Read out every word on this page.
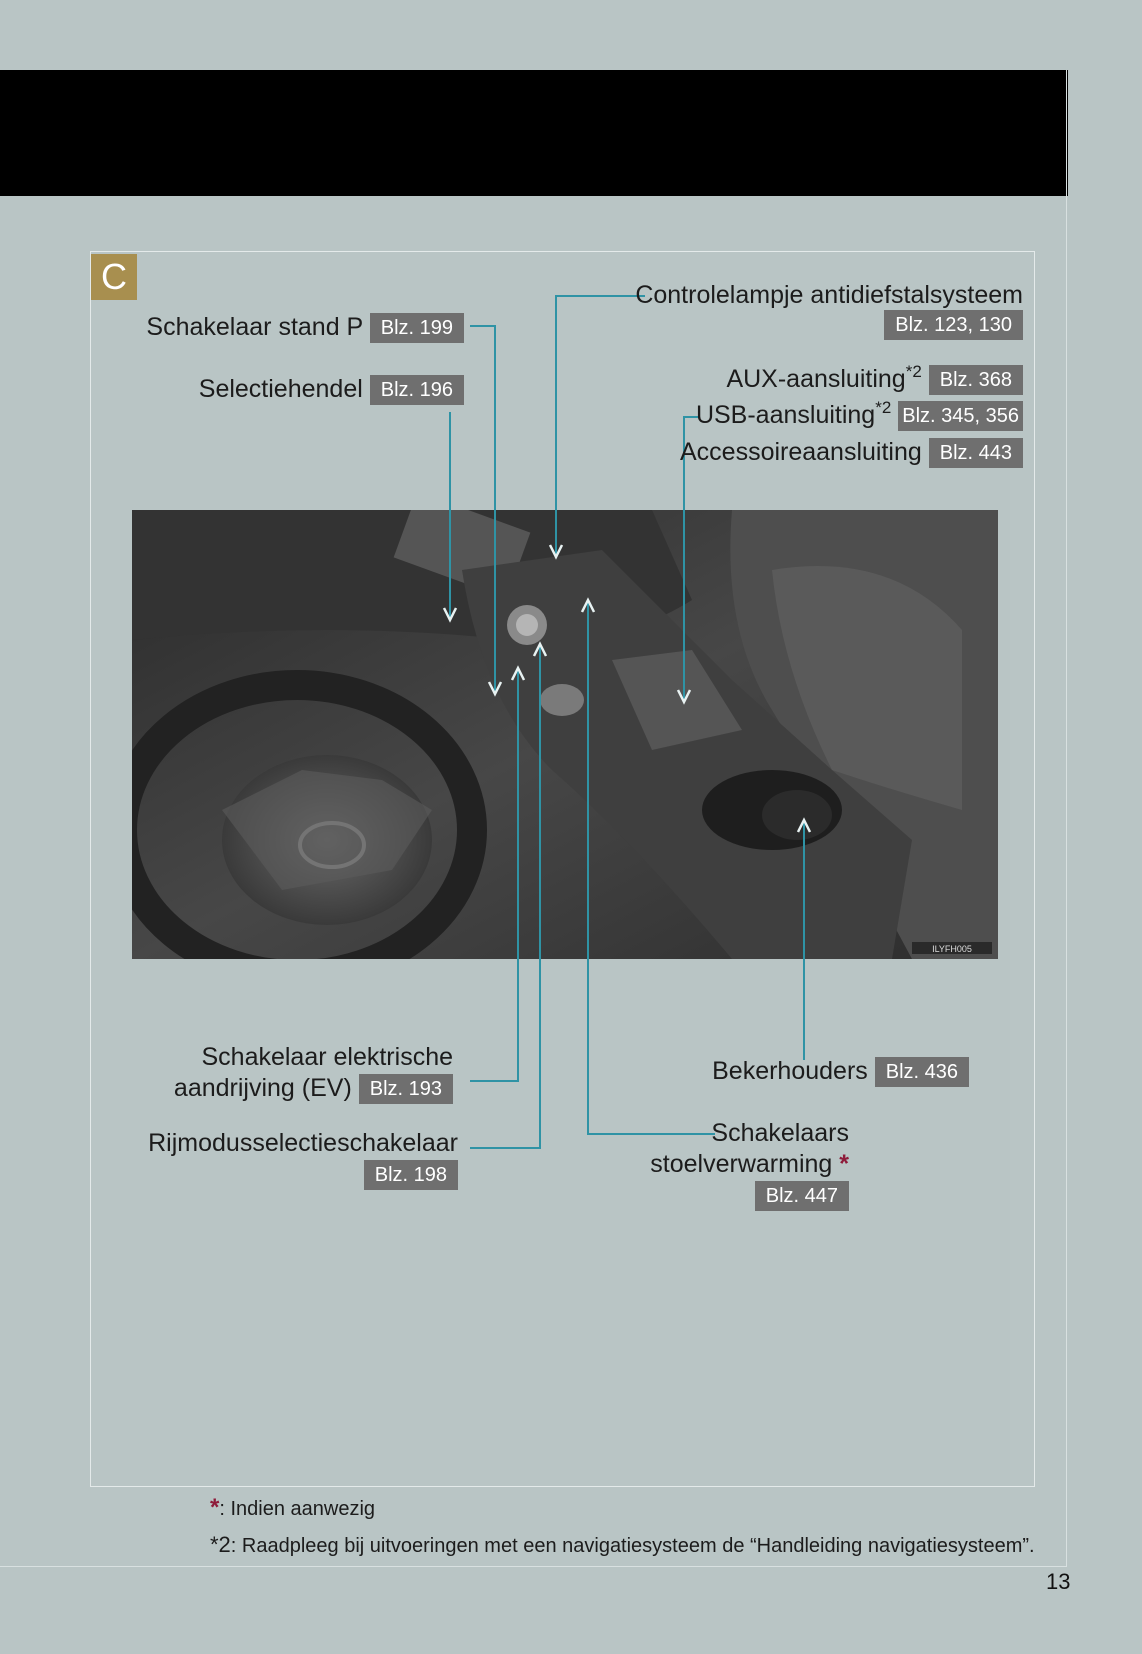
C
ILYFH005
Schakelaar stand P Blz. 199
Selectiehendel Blz. 196
Controlelampje antidiefstalsysteem
Blz. 123, 130
AUX-aansluiting$^{*2}$ Blz. 368
USB-aansluiting$^{*2}$ Blz. 345, 356
Accessoireaansluiting Blz. 443
Schakelaar elektrische
aandrijving (EV) Blz. 193
Rijmodusselectieschakelaar
Blz. 198
Bekerhouders Blz. 436
Schakelaars
stoelverwarming *
Blz. 447
*: Indien aanwezig
*2: Raadpleeg bij uitvoeringen met een navigatiesysteem de “Handleiding navigatiesysteem”.
13
